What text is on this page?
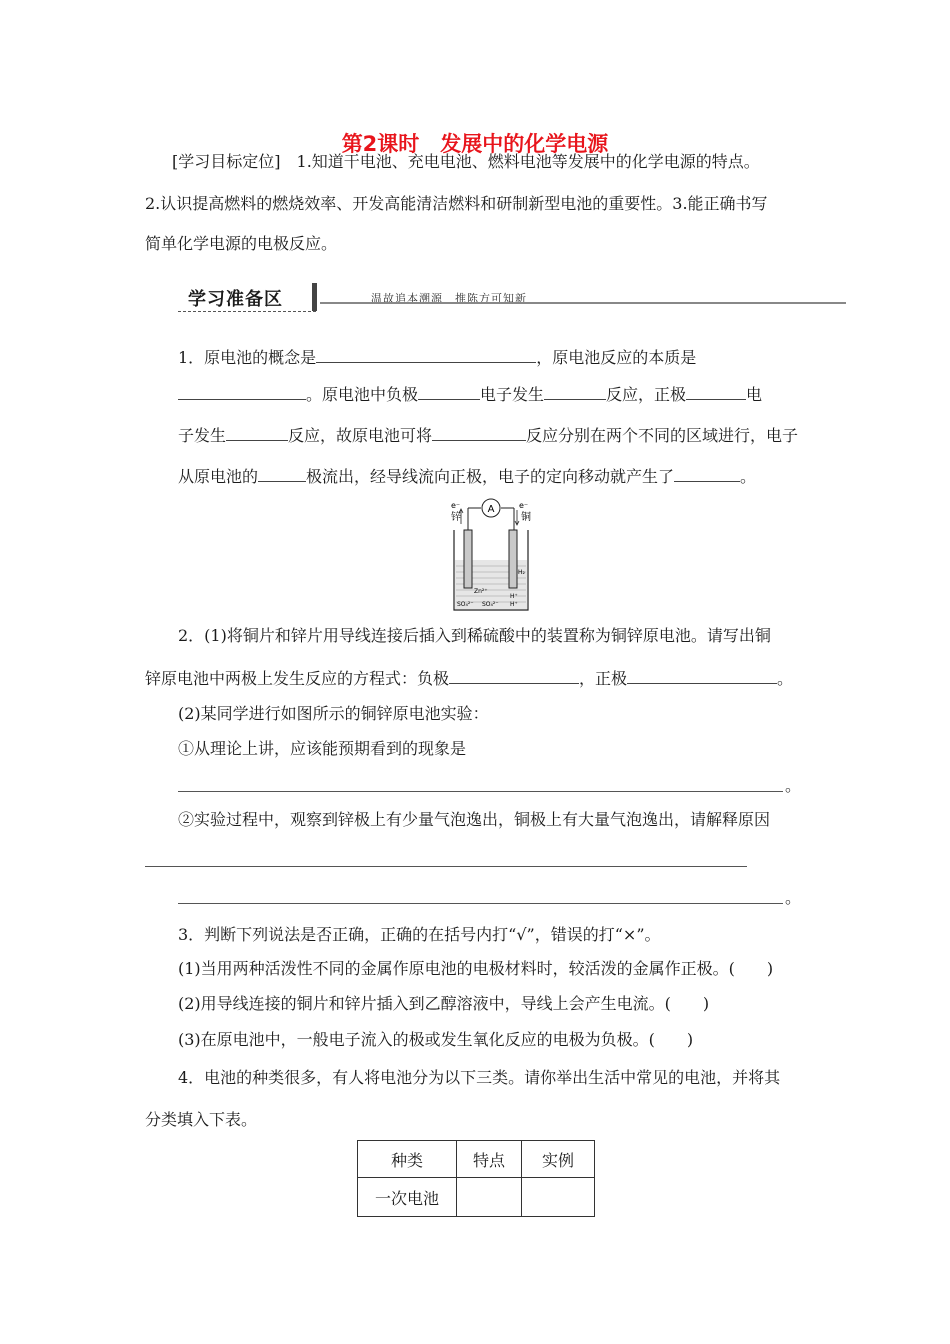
第2课时　发展中的化学电源
[学习目标定位]　 1.知道干电池、充电电池、燃料电池等发展中的化学电源的特点。
2.认识提高燃料的燃烧效率、开发高能清洁燃料和研制新型电池的重要性。3.能正确书写
简单化学电源的电极反应。
学习准备区	温故追本溯源　推陈方可知新
1．原电池的概念是	，原电池反应的本质是
。原电池中负极	电子发生	反应，正极	电
子发生	反应，故原电池可将	反应分别在两个不同的区域进行，电子
从原电池的	极流出，经导线流向正极，电子的定向移动就产生了	。
A
e⁻
锌
e⁻
铜
H₂
Zn²⁺
H⁺
H⁺
SO₄²⁻ SO₄²⁻
2．(1)将铜片和锌片用导线连接后插入到稀硫酸中的装置称为铜锌原电池。请写出铜
锌原电池中两极上发生反应的方程式：负极	，正极	。
(2)某同学进行如图所示的铜锌原电池实验：
①从理论上讲，应该能预期看到的现象是
。
②实验过程中，观察到锌极上有少量气泡逸出，铜极上有大量气泡逸出，请解释原因
。
3．判断下列说法是否正确，正确的在括号内打“√”，错误的打“×”。
(1)当用两种活泼性不同的金属作原电池的电极材料时，较活泼的金属作正极。(　　)
(2)用导线连接的铜片和锌片插入到乙醇溶液中，导线上会产生电流。(　　)
(3)在原电池中，一般电子流入的极或发生氧化反应的电极为负极。(　　)
4．电池的种类很多，有人将电池分为以下三类。请你举出生活中常见的电池，并将其
分类填入下表。
种类	特点	实例
一次电池		
